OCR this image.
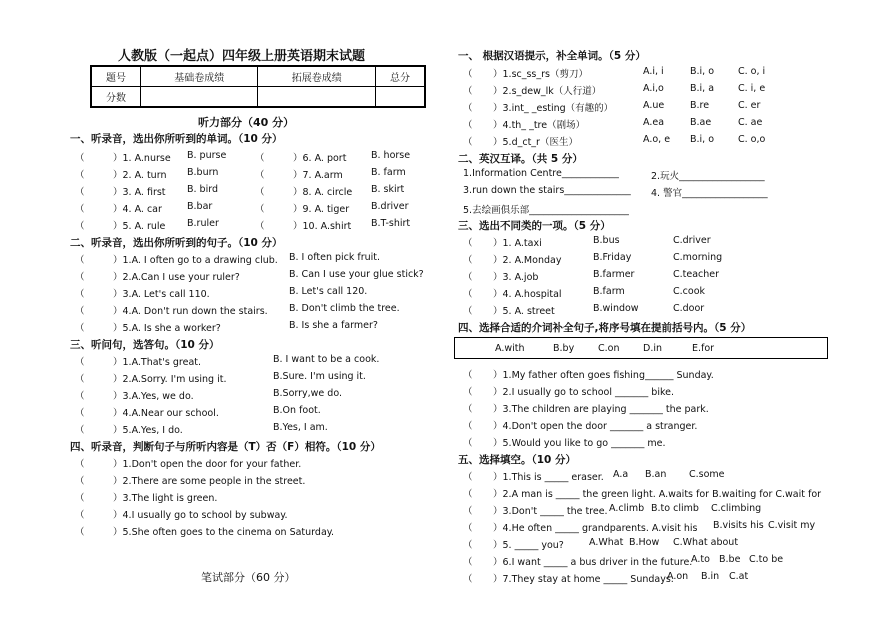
人教版（一起点）四年级上册英语期末试题
题号	基础卷成绩	拓展卷成绩	总分
分数			
听力部分（40 分）
笔试部分（60 分）
一、听录音，选出你所听到的单词。（10 分）
（	）1. A.nurse B. purse	（	）6. A. port	B. horse
（	）2. A. turn B.burn	（	）7. A.arm	B. farm
（	）3. A. first B. bird	（	）8. A. circle B. skirt
（	）4. A. car	B.bar	（	）9. A. tiger B.driver
（	）5. A. rule B.ruler	（	）10. A.shirt B.T-shirt
二、听录音，选出你所听到的句子。（10 分）
（	）1.A. I often go to a drawing club. B. I often pick fruit.
（	）2.A.Can I use your ruler?	B. Can I use your glue stick?
（	）3.A. Let's call 110.	B. Let's call 120.
（	）4.A. Don't run down the stairs. B. Don't climb the tree.
（	）5.A. Is she a worker?	B. Is she a farmer?
三、听问句，选答句。（10 分）
（	）1.A.That's great.	B. I want to be a cook.
（	）2.A.Sorry. I'm using it.	B.Sure. I'm using it.
（	）3.A.Yes, we do.	B.Sorry,we do.
（	）4.A.Near our school.	B.On foot.
（	）5.A.Yes, I do.	B.Yes, I am.
四、听录音，判断句子与所听内容是（T）否（F）相符。（10 分）
（	）1.Don't open the door for your father.
（	）2.There are some people in the street.
（	）3.The light is green.
（	）4.I usually go to school by subway.
（	）5.She often goes to the cinema on Saturday.
一、 根据汉语提示，补全单词。（5 分）
（ ）1.sc_ss_rs（剪刀）	A.i, i	B.i, o	C. o, i
（ ）2.s_dew_lk（人行道）	A.i,o	B.i, a	C. i, e
（ ）3.int_ _esting（有趣的）	A.ue	B.re	C. er
（ ）4.th_ _tre（剧场）	A.ea	B.ae	C. ae
（ ）5.d_ct_r（医生）	A.o, e B.i, o	C. o,o
二、英汉互译。（共 5 分）
1.Information Centre____________	2.玩火__________________
3.run down the stairs______________ 4. 警官__________________
5.去绘画俱乐部_____________________
三、选出不同类的一项。（5 分）
（ ）1. A.taxi	B.bus	C.driver
（ ）2. A.Monday	B.Friday	C.morning
（ ）3. A.job	B.farmer	C.teacher
（ ）4. A.hospital	B.farm	C.cook
（ ）5. A. street	B.window	C.door
四、选择合适的介词补全句子,将序号填在提前括号内。（5 分）
（ ）1.My father often goes fishing______ Sunday.
（ ）2.I usually go to school _______ bike.
（ ）3.The children are playing _______ the park.
（ ）4.Don't open the door _______ a stranger.
（ ）5.Would you like to go _______ me.
五、选择填空。（10 分）
（ ）1.This is _____ eraser. A.a B.an C.some
（ ）2.A man is _____ the green light. A.waits for B.waiting for C.wait for
（ ）3.Don't _____ the tree. A.climb B.to climb C.climbing
（ ）4.He often _____ grandparents. A.visit his B.visits his C.visit my
（ ）5. _____ you?	A.What B.How C.What about
（ ）6.I want _____ a bus driver in the future.
A.to B.be C.to be
（ ）7.They stay at home _____ Sundays.
A.on B.in C.at
A.with	B.by	C.on D.in	E.for
